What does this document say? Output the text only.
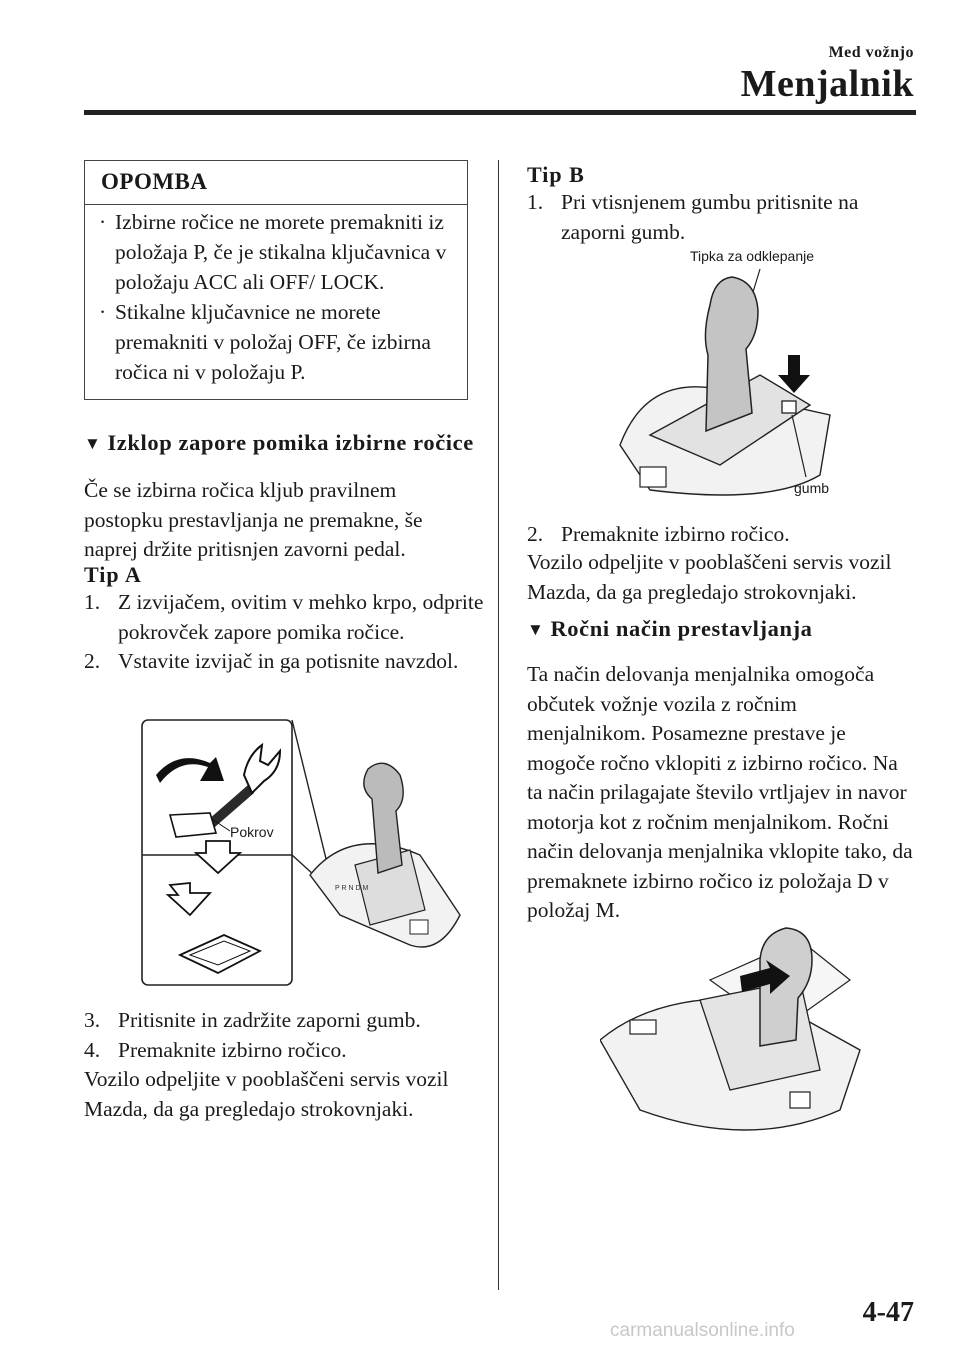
Med vožnjo
Menjalnik
OPOMBA
· Izbirne ročice ne morete premakniti iz položaja P, če je stikalna ključavnica v položaju ACC ali OFF/ LOCK.
· Stikalne ključavnice ne morete premakniti v položaj OFF, če izbirna ročica ni v položaju P.
▼ Izklop zapore pomika izbirne ročice
Če se izbirna ročica kljub pravilnem postopku prestavljanja ne premakne, še naprej držite pritisnjen zavorni pedal.
Tip A
1. Z izvijačem, ovitim v mehko krpo, odprite pokrovček zapore pomika ročice.
2. Vstavite izvijač in ga potisnite navzdol.
Pokrov
P R N D M
3. Pritisnite in zadržite zaporni gumb.
4. Premaknite izbirno ročico.
Vozilo odpeljite v pooblaščeni servis vozil Mazda, da ga pregledajo strokovnjaki.
Tip B
1. Pri vtisnjenem gumbu pritisnite na zaporni gumb.
Tipka za odklepanje
gumb
2. Premaknite izbirno ročico.
Vozilo odpeljite v pooblaščeni servis vozil Mazda, da ga pregledajo strokovnjaki.
▼ Ročni način prestavljanja
Ta način delovanja menjalnika omogoča občutek vožnje vozila z ročnim menjalnikom. Posamezne prestave je mogoče ročno vklopiti z izbirno ročico. Na ta način prilagajate število vrtljajev in navor motorja kot z ročnim menjalnikom. Ročni način delovanja menjalnika vklopite tako, da premaknete izbirno ročico iz položaja D v položaj M.
4-47
carmanualsonline.info
